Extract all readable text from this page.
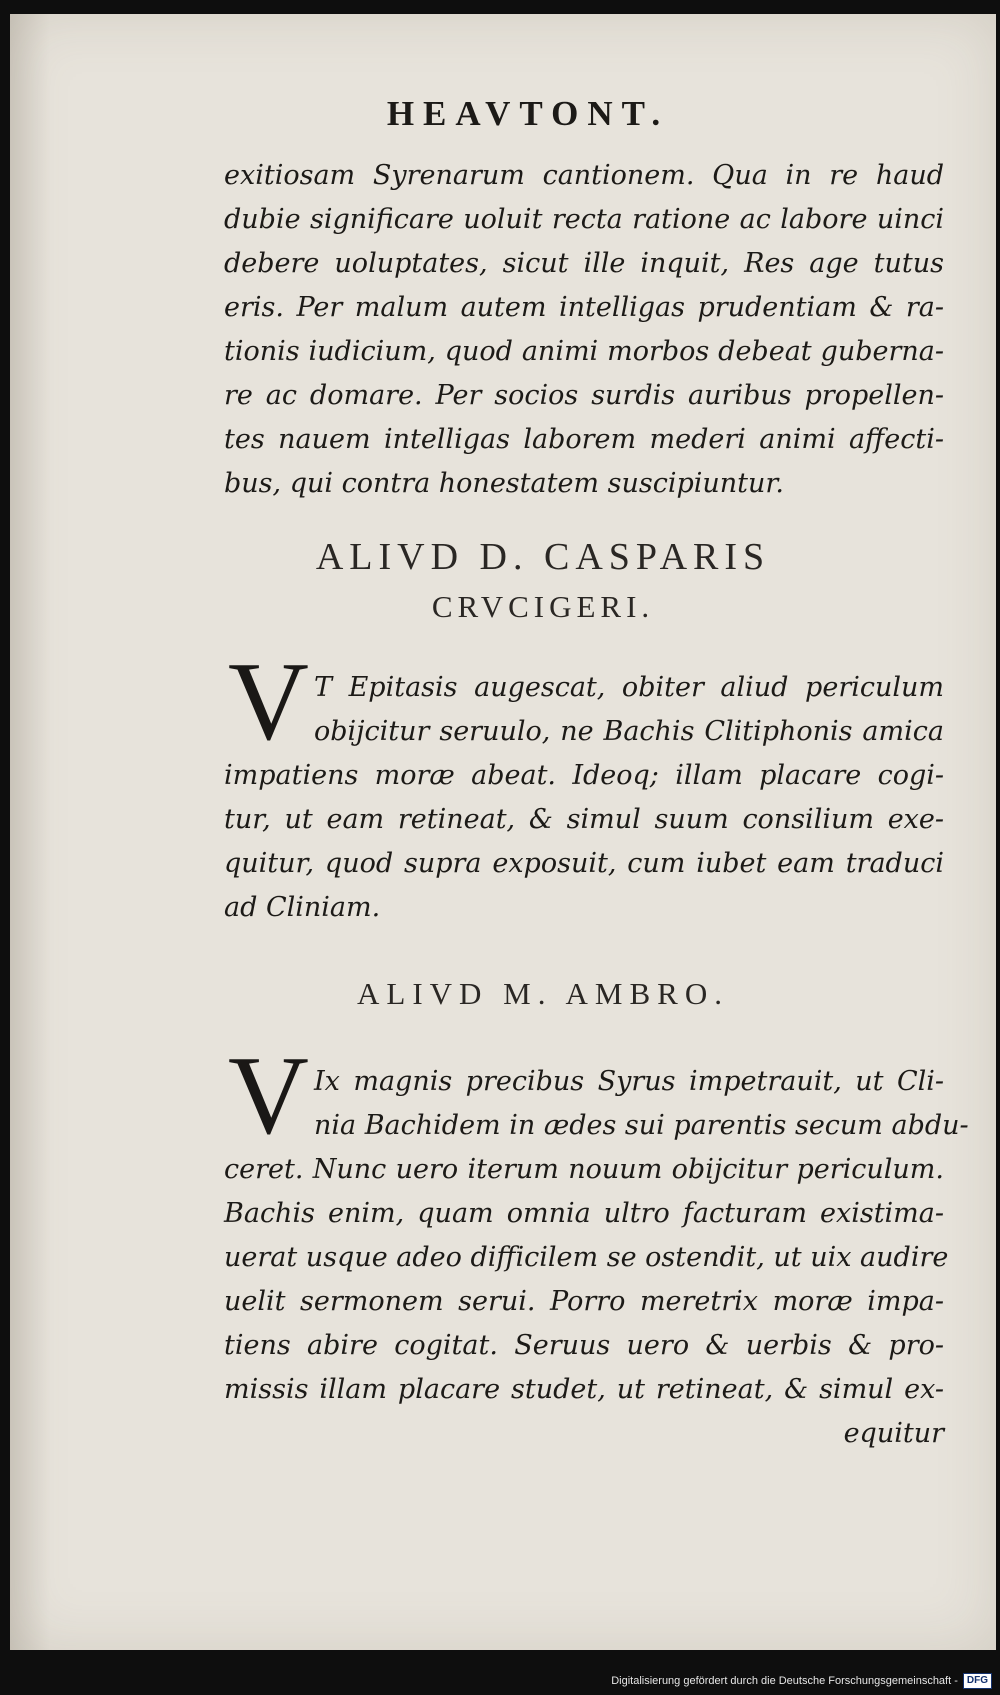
HEAVTONT.
exitiosam Syrenarum cantionem. Qua in re haud
dubie significare uoluit recta ratione ac labore uinci
debere uoluptates, sicut ille inquit, Res age tutus
eris. Per malum autem intelligas prudentiam & ra-
tionis iudicium, quod animi morbos debeat guberna-
re ac domare. Per socios surdis auribus propellen-
tes nauem intelligas laborem mederi animi affecti-
bus, qui contra honestatem suscipiuntur.
ALIVD D. CASPARIS
CRVCIGERI.
V T Epitasis augescat, obiter aliud periculum
obijcitur seruulo, ne Bachis Clitiphonis amica
impatiens moræ abeat. Ideoq; illam placare cogi-
tur, ut eam retineat, & simul suum consilium exe-
quitur, quod supra exposuit, cum iubet eam traduci
ad Cliniam.
ALIVD M. AMBRO.
V Ix magnis precibus Syrus impetrauit, ut Cli-
nia Bachidem in ædes sui parentis secum abdu-
ceret. Nunc uero iterum nouum obijcitur periculum.
Bachis enim, quam omnia ultro facturam existima-
uerat usque adeo difficilem se ostendit, ut uix audire
uelit sermonem serui. Porro meretrix moræ impa-
tiens abire cogitat. Seruus uero & uerbis & pro-
missis illam placare studet, ut retineat, & simul ex-
equitur
Digitalisierung gefördert durch die Deutsche Forschungsgemeinschaft - DFG
